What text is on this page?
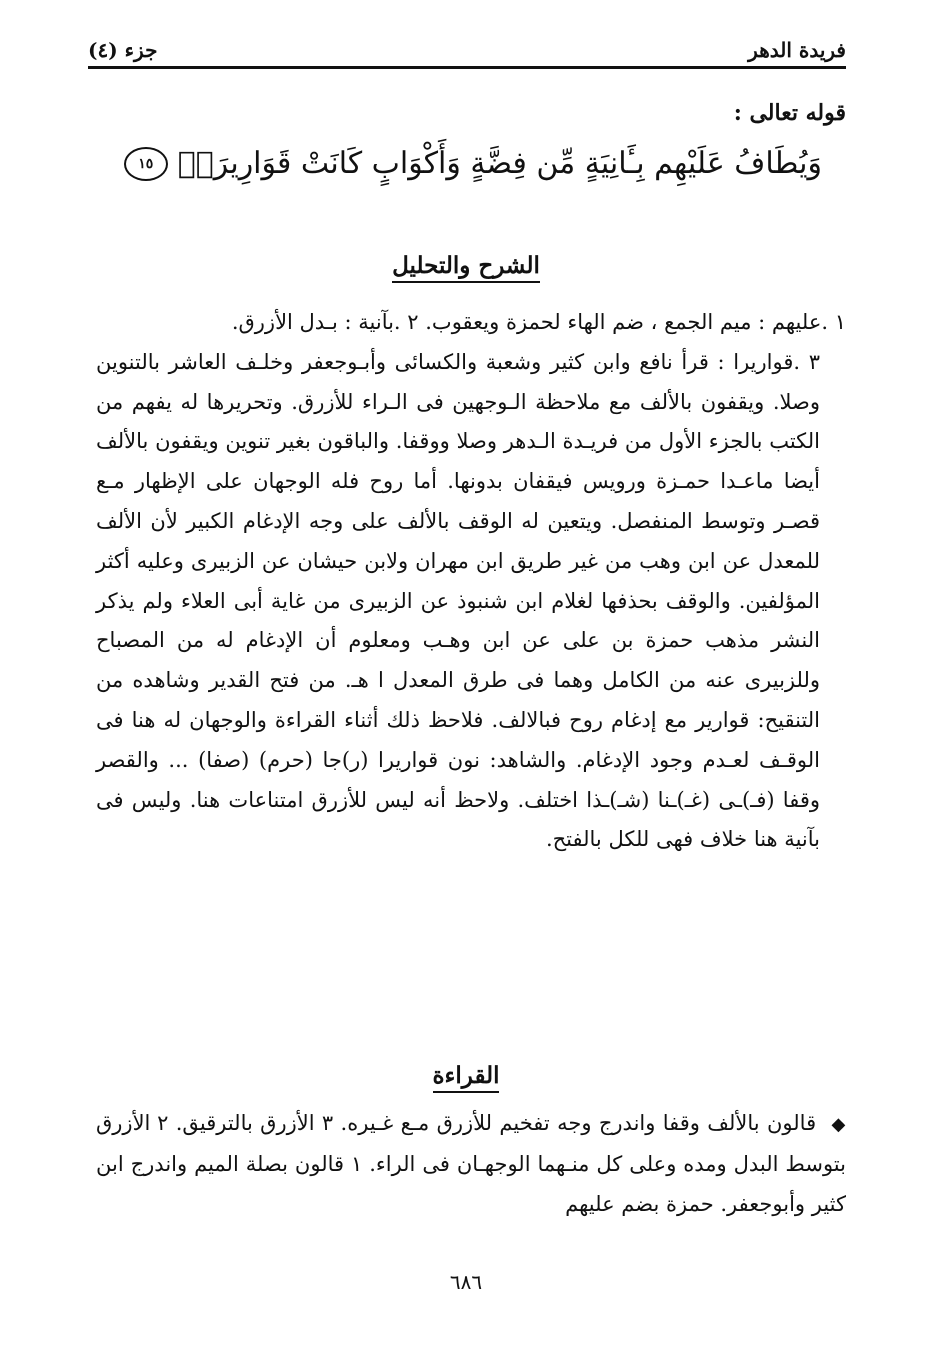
فريدة الدهر
جزء (٤)
قوله تعالى :
وَيُطَافُ عَلَيْهِم بِـَٔانِيَةٍ مِّن فِضَّةٍ وَأَكْوَابٍ كَانَتْ قَوَارِيرَا۠
١٥
الشرح والتحليل

١ .عليهم : ميم الجمع ، ضم الهاء لحمزة ويعقوب. ٢ .بآنية : بـدل الأزرق.

٣ .قواريرا : قرأ نافع وابن كثير وشعبة والكسائى وأبـوجعفر وخلـف العاشر بالتنوين وصلا. ويقفون بالألف مع ملاحظة الـوجهين فى الـراء للأزرق. وتحريرها له يفهم من الكتب بالجزء الأول من فريـدة الـدهر وصلا ووقفا. والباقون بغير تنوين ويقفون بالألف أيضا ماعـدا حمـزة ورويس فيقفان بدونها. أما روح فله الوجهان على الإظهار مـع قصـر وتوسط المنفصل. ويتعين له الوقف بالألف على وجه الإدغام الكبير لأن الألف للمعدل عن ابن وهب من غير طريق ابن مهران ولابن حيشان عن الزبيرى وعليه أكثر المؤلفين. والوقف بحذفها لغلام ابن شنبوذ عن الزبيرى من غاية أبى العلاء ولم يذكر النشر مذهب حمزة بن على عن ابن وهـب ومعلوم أن الإدغام له من المصباح وللزبيرى عنه من الكامل وهما فى طرق المعدل ا هـ. من فتح القدير وشاهده من التنقيح: قوارير مع إدغام روح فبالالف. فلاحظ ذلك أثناء القراءة والوجهان له هنا فى الوقـف لعـدم وجود الإدغام. والشاهد: نون قواريرا (ر)جا (حرم) (صفا) ... والقصر وقفا (فـ)ـى (غـ)ـنا (شـ)ـذا اختلف. ولاحظ أنه ليس للأزرق امتناعات هنا. وليس فى بآنية هنا خلاف فهى للكل بالفتح.

القراءة
◆ قالون بالألف وقفا واندرج وجه تفخيم للأزرق مـع غـيره. ٣ الأزرق بالترقيق. ٢ الأزرق بتوسط البدل ومده وعلى كل منـهما الوجهـان فى الراء. ١ قالون بصلة الميم واندرج ابن كثير وأبوجعفر. حمزة بضم عليهم
٦٨٦
